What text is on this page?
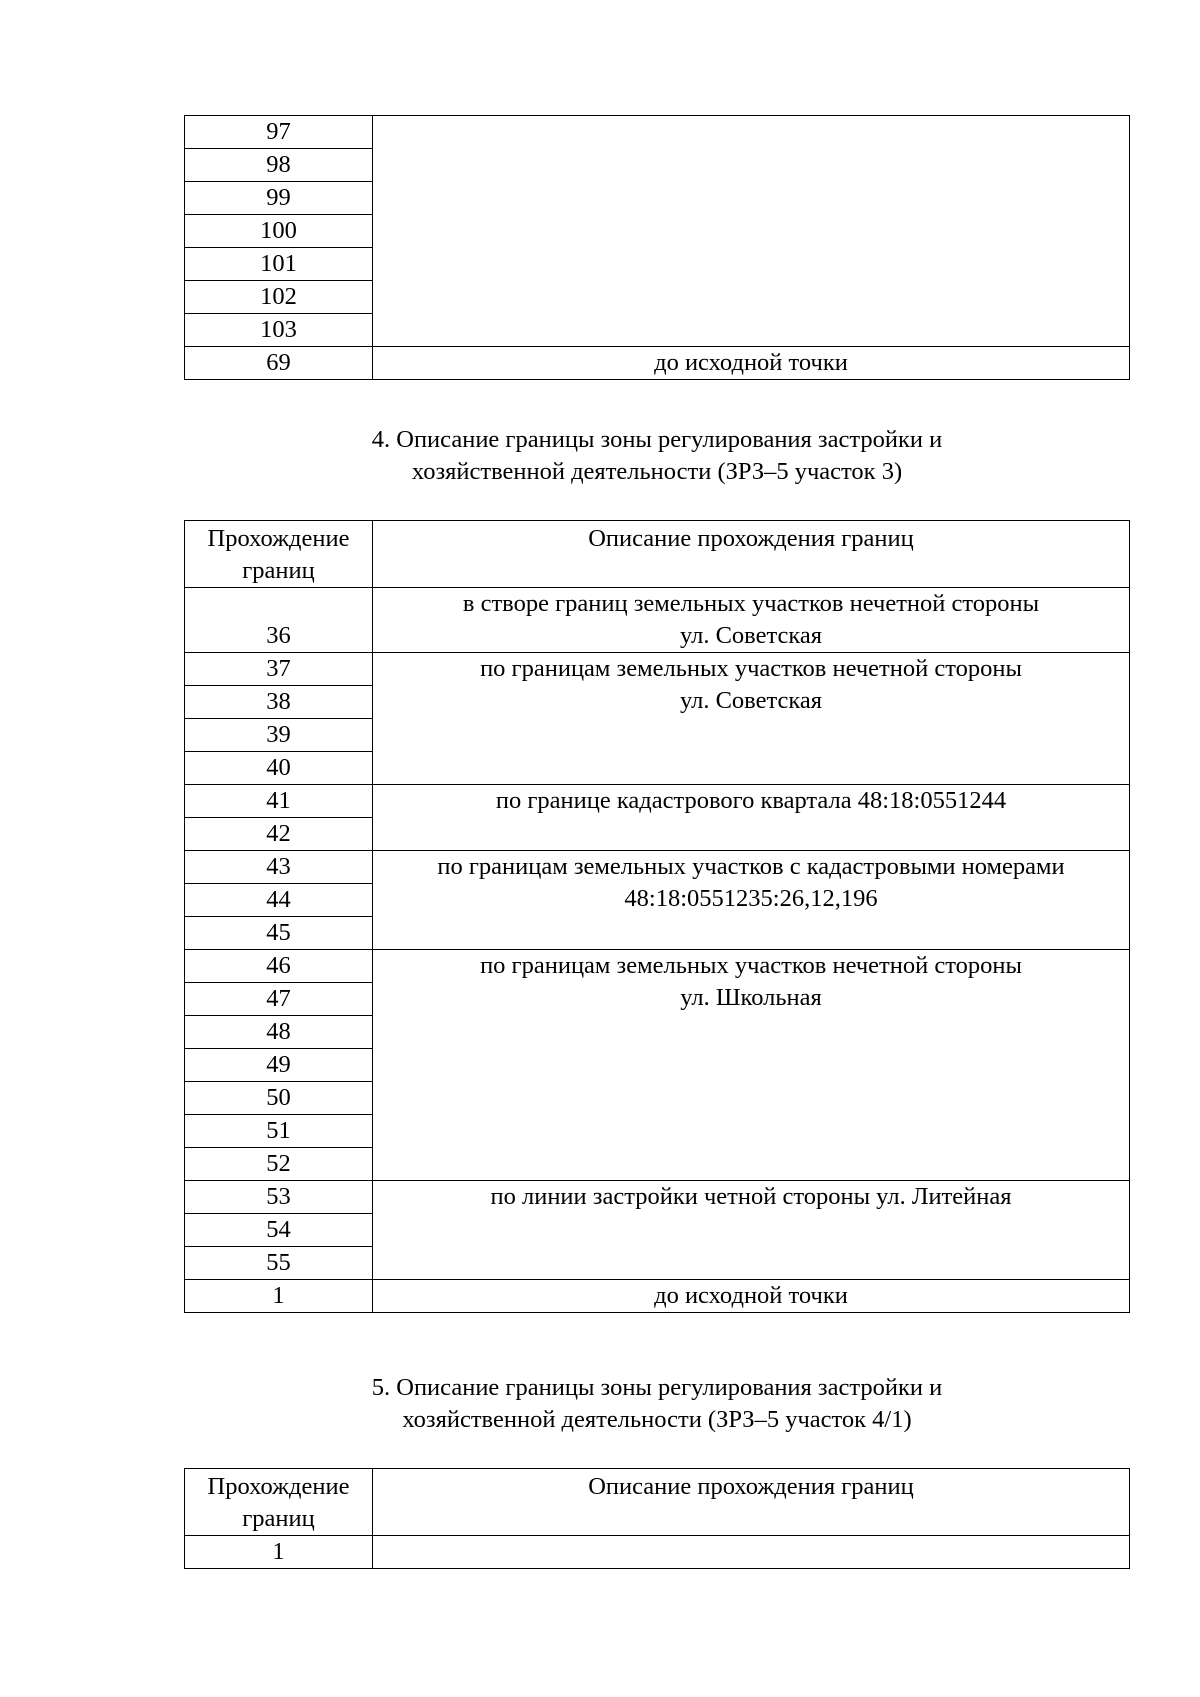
97	
98	
99	
100	
101	
102	
103	
69	до исходной точки
4. Описание границы зоны регулирования застройки и
хозяйственной деятельности (ЗРЗ–5 участок 3)
Прохождение
границ	Описание прохождения границ
36	в створе границ земельных участков нечетной стороны
ул. Советская

37	по границам земельных участков нечетной стороны
ул. Советская

38	
39	
40	
41	по границе кадастрового квартала 48:18:0551244

42	
43	по границам земельных участков с кадастровыми номерами
48:18:0551235:26,12,196

44	
45	
46	по границам земельных участков нечетной стороны
ул. Школьная

47	
48	
49	
50	
51	
52	
53	по линии застройки четной стороны ул. Литейная

54	
55	
1	до исходной точки
5. Описание границы зоны регулирования застройки и
хозяйственной деятельности (ЗРЗ–5 участок 4/1)
Прохождение
границ	Описание прохождения границ
1	
